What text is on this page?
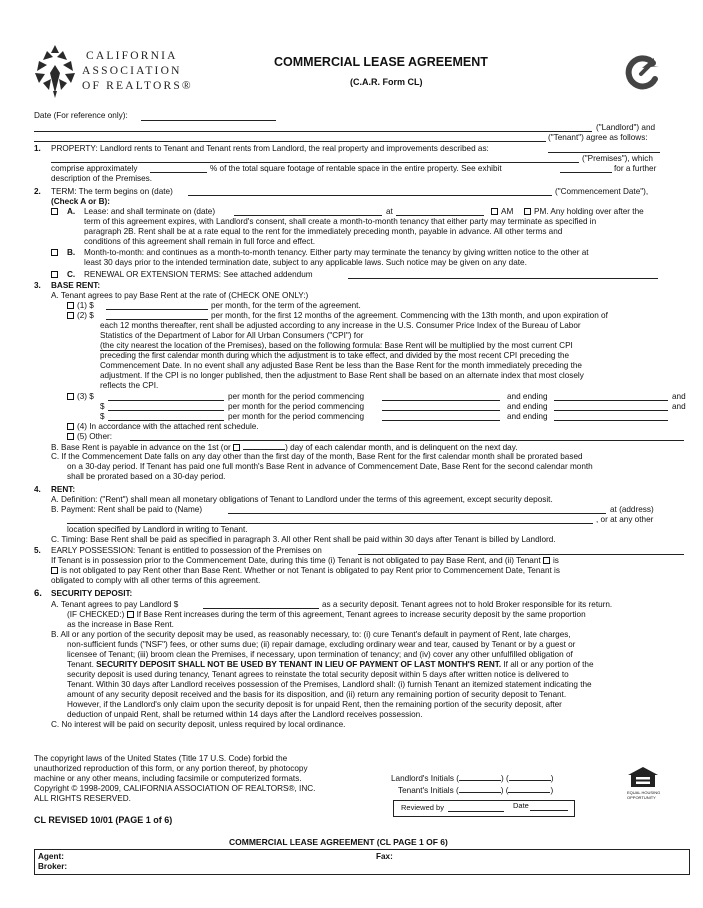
CALIFORNIA
ASSOCIATION
OF REALTORS®
COMMERCIAL LEASE AGREEMENT
(C.A.R. Form CL)
Date (For reference only):
("Landlord") and
("Tenant") agree as follows:
1. PROPERTY: Landlord rents to Tenant and Tenant rents from Landlord, the real property and improvements described as:
("Premises"), which
comprise approximately	% of the total square footage of rentable space in the entire property. See exhibit	for a further
description of the Premises.
2. TERM: The term begins on (date)	("Commencement Date"),
(Check A or B):
A. Lease: and shall terminate on (date)	at	AM	PM. Any holding over after the
term of this agreement expires, with Landlord's consent, shall create a month-to-month tenancy that either party may terminate as specified in
paragraph 2B. Rent shall be at a rate equal to the rent for the immediately preceding month, payable in advance. All other terms and
conditions of this agreement shall remain in full force and effect.
B. Month-to-month: and continues as a month-to-month tenancy. Either party may terminate the tenancy by giving written notice to the other at
least 30 days prior to the intended termination date, subject to any applicable laws. Such notice may be given on any date.
C. RENEWAL OR EXTENSION TERMS: See attached addendum
3. BASE RENT:
A. Tenant agrees to pay Base Rent at the rate of (CHECK ONE ONLY:)
(1) $	per month, for the term of the agreement.
(2) $	per month, for the first 12 months of the agreement. Commencing with the 13th month, and upon expiration of
each 12 months thereafter, rent shall be adjusted according to any increase in the U.S. Consumer Price Index of the Bureau of Labor
Statistics of the Department of Labor for All Urban Consumers ("CPI") for
(the city nearest the location of the Premises), based on the following formula: Base Rent will be multiplied by the most current CPI
preceding the first calendar month during which the adjustment is to take effect, and divided by the most recent CPI preceding the
Commencement Date. In no event shall any adjusted Base Rent be less than the Base Rent for the month immediately preceding the
adjustment. If the CPI is no longer published, then the adjustment to Base Rent shall be based on an alternate index that most closely
reflects the CPI.
(3) $	per month for the period commencing	and ending	and
$	per month for the period commencing	and ending	and
$	per month for the period commencing	and ending
(4) In accordance with the attached rent schedule.
(5) Other:
B. Base Rent is payable in advance on the 1st (or	) day of each calendar month, and is delinquent on the next day.
C. If the Commencement Date falls on any day other than the first day of the month, Base Rent for the first calendar month shall be prorated based
on a 30-day period. If Tenant has paid one full month's Base Rent in advance of Commencement Date, Base Rent for the second calendar month
shall be prorated based on a 30-day period.
4. RENT:
A. Definition: ("Rent") shall mean all monetary obligations of Tenant to Landlord under the terms of this agreement, except security deposit.
B. Payment: Rent shall be paid to (Name)	at (address)
, or at any other
location specified by Landlord in writing to Tenant.
C. Timing: Base Rent shall be paid as specified in paragraph 3. All other Rent shall be paid within 30 days after Tenant is billed by Landlord.
5. EARLY POSSESSION: Tenant is entitled to possession of the Premises on
If Tenant is in possession prior to the Commencement Date, during this time (i) Tenant is not obligated to pay Base Rent, and (ii) Tenant is
is not obligated to pay Rent other than Base Rent. Whether or not Tenant is obligated to pay Rent prior to Commencement Date, Tenant is
obligated to comply with all other terms of this agreement.
6. SECURITY DEPOSIT:
A. Tenant agrees to pay Landlord $	as a security deposit. Tenant agrees not to hold Broker responsible for its return.
(IF CHECKED:) If Base Rent increases during the term of this agreement, Tenant agrees to increase security deposit by the same proportion
as the increase in Base Rent.
B. All or any portion of the security deposit may be used, as reasonably necessary, to: (i) cure Tenant's default in payment of Rent, late charges,
non-sufficient funds ("NSF") fees, or other sums due; (ii) repair damage, excluding ordinary wear and tear, caused by Tenant or by a guest or
licensee of Tenant; (iii) broom clean the Premises, if necessary, upon termination of tenancy; and (iv) cover any other unfulfilled obligation of
Tenant. SECURITY DEPOSIT SHALL NOT BE USED BY TENANT IN LIEU OF PAYMENT OF LAST MONTH'S RENT. If all or any portion of the
security deposit is used during tenancy, Tenant agrees to reinstate the total security deposit within 5 days after written notice is delivered to
Tenant. Within 30 days after Landlord receives possession of the Premises, Landlord shall: (i) furnish Tenant an itemized statement indicating the
amount of any security deposit received and the basis for its disposition, and (ii) return any remaining portion of security deposit to Tenant.
However, if the Landlord's only claim upon the security deposit is for unpaid Rent, then the remaining portion of the security deposit, after
deduction of unpaid Rent, shall be returned within 14 days after the Landlord receives possession.
C. No interest will be paid on security deposit, unless required by local ordinance.
The copyright laws of the United States (Title 17 U.S. Code) forbid the
unauthorized reproduction of this form, or any portion thereof, by photocopy
machine or any other means, including facsimile or computerized formats.
Copyright © 1998-2009, CALIFORNIA ASSOCIATION OF REALTORS®, INC.
ALL RIGHTS RESERVED.
Landlord's Initials (	) (	)
Tenant's Initials (	) (	)
Reviewed by	Date
EQUAL HOUSING
OPPORTUNITY
CL REVISED 10/01 (PAGE 1 of 6)
COMMERCIAL LEASE AGREEMENT (CL PAGE 1 OF 6)
Agent:
Broker:
Fax:
